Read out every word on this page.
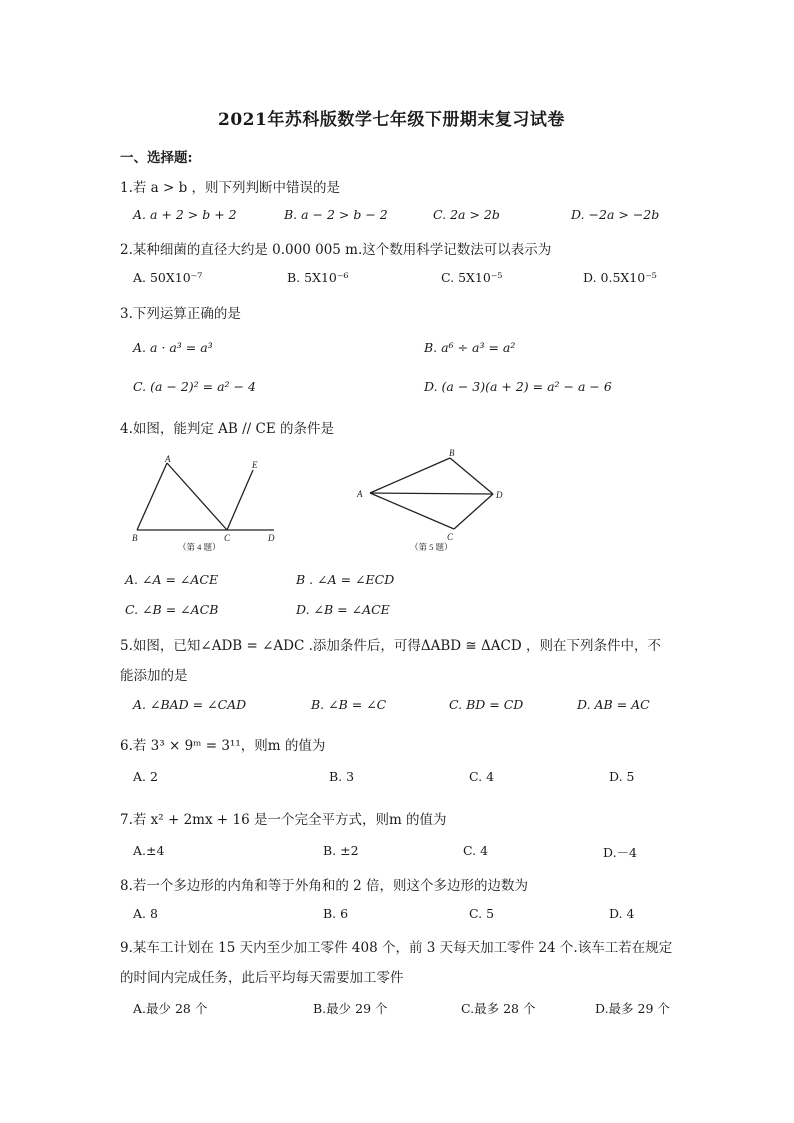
2021年苏科版数学七年级下册期末复习试卷
一、选择题:
1.若 a > b ，则下列判断中错误的是
A. a + 2 > b + 2	B. a − 2 > b − 2	C. 2a > 2b	D. −2a > −2b
2.某种细菌的直径大约是 0.000 005 m.这个数用科学记数法可以表示为
A. 50X10⁻⁷	B. 5X10⁻⁶	C. 5X10⁻⁵	D. 0.5X10⁻⁵
3.下列运算正确的是
A. a · a³ = a³	B. a⁶ ÷ a³ = a²
C. (a − 2)² = a² − 4	D. (a − 3)(a + 2) = a² − a − 6
4.如图，能判定 AB // CE 的条件是
A
B	C	D
E
（第 4 题）
A
B
D
C
（第 5 题）
A. ∠A = ∠ACE	B . ∠A = ∠ECD
C. ∠B = ∠ACB	D. ∠B = ∠ACE
5.如图，已知∠ADB = ∠ADC .添加条件后，可得ΔABD ≅ ΔACD ，则在下列条件中，不
能添加的是
A. ∠BAD = ∠CAD	B. ∠B = ∠C	C. BD = CD	D. AB = AC
6.若 3³ × 9ᵐ = 3¹¹，则m 的值为
A. 2	B. 3	C. 4	D. 5
7.若 x² + 2mx + 16 是一个完全平方式，则m 的值为
A.±4	B. ±2	C. 4	D.－4
8.若一个多边形的内角和等于外角和的 2 倍，则这个多边形的边数为
A. 8	B. 6	C. 5	D. 4
9.某车工计划在 15 天内至少加工零件 408 个，前 3 天每天加工零件 24 个.该车工若在规定
的时间内完成任务，此后平均每天需要加工零件
A.最少 28 个	B.最少 29 个	C.最多 28 个	D.最多 29 个
